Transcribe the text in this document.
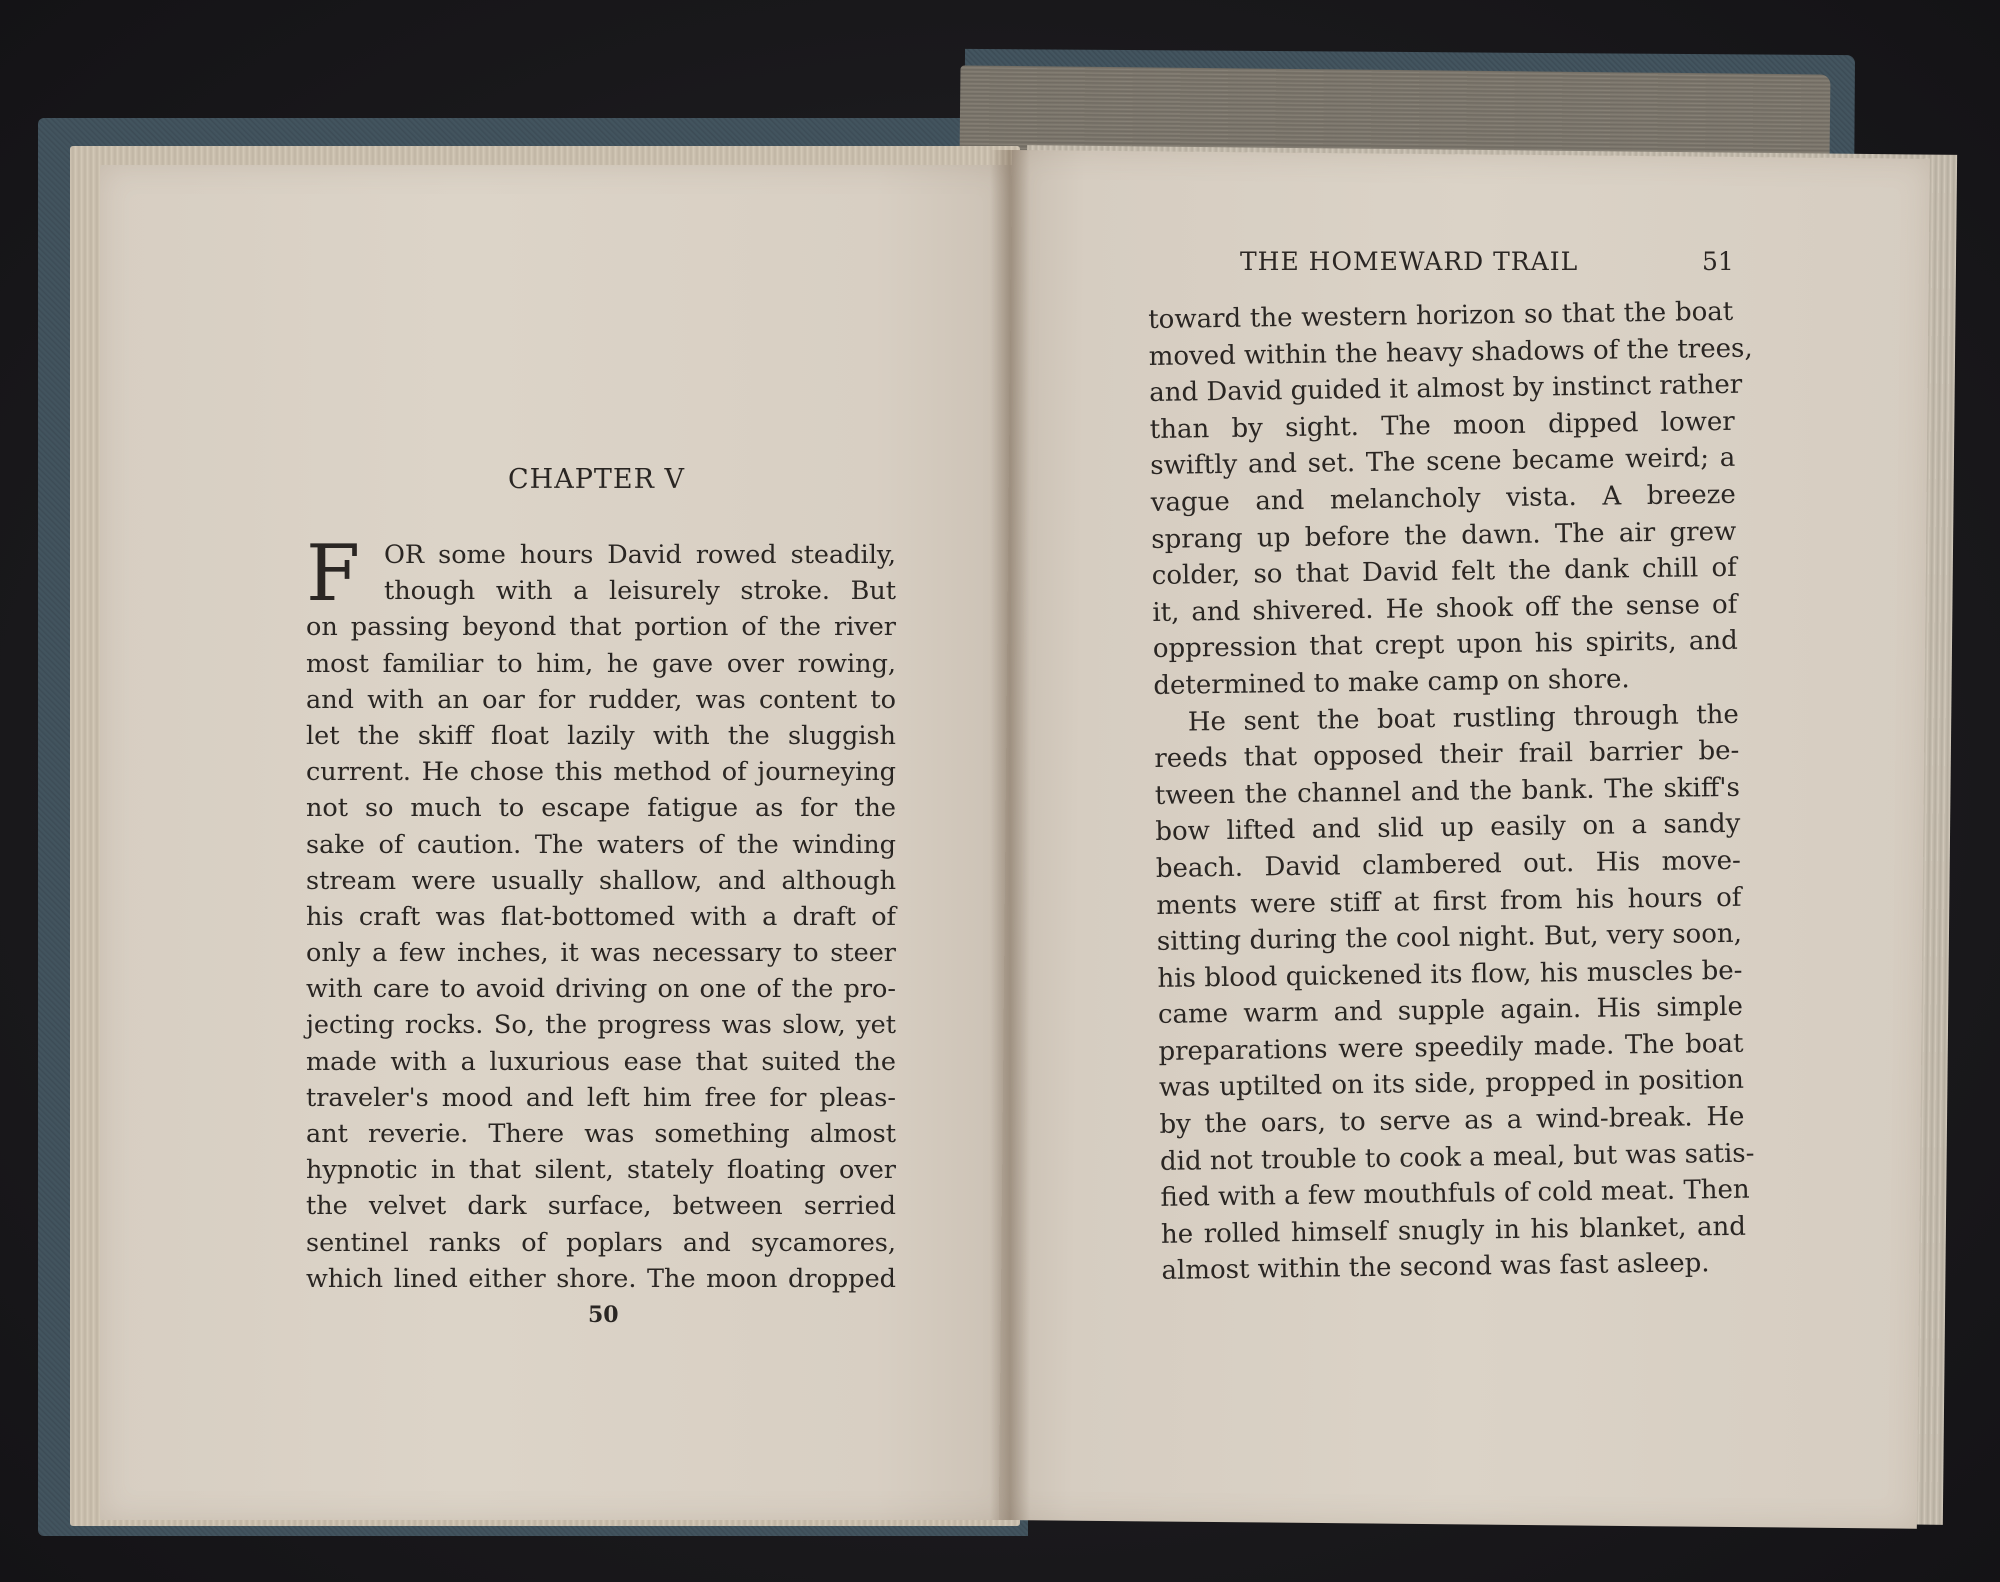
CHAPTER V
F OR some hours David rowed steadily,
though with a leisurely stroke. But
on passing beyond that portion of the river
most familiar to him, he gave over rowing,
and with an oar for rudder, was content to
let the skiff float lazily with the sluggish
current. He chose this method of journeying
not so much to escape fatigue as for the
sake of caution. The waters of the winding
stream were usually shallow, and although
his craft was flat-bottomed with a draft of
only a few inches, it was necessary to steer
with care to avoid driving on one of the pro-
jecting rocks. So, the progress was slow, yet
made with a luxurious ease that suited the
traveler's mood and left him free for pleas-
ant reverie. There was something almost
hypnotic in that silent, stately floating over
the velvet dark surface, between serried
sentinel ranks of poplars and sycamores,
which lined either shore. The moon dropped
50
THE HOMEWARD TRAIL	51
toward the western horizon so that the boat
moved within the heavy shadows of the trees,
and David guided it almost by instinct rather
than by sight. The moon dipped lower
swiftly and set. The scene became weird; a
vague and melancholy vista. A breeze
sprang up before the dawn. The air grew
colder, so that David felt the dank chill of
it, and shivered. He shook off the sense of
oppression that crept upon his spirits, and
determined to make camp on shore.
He sent the boat rustling through the
reeds that opposed their frail barrier be-
tween the channel and the bank. The skiff's
bow lifted and slid up easily on a sandy
beach. David clambered out. His move-
ments were stiff at first from his hours of
sitting during the cool night. But, very soon,
his blood quickened its flow, his muscles be-
came warm and supple again. His simple
preparations were speedily made. The boat
was uptilted on its side, propped in position
by the oars, to serve as a wind-break. He
did not trouble to cook a meal, but was satis-
fied with a few mouthfuls of cold meat. Then
he rolled himself snugly in his blanket, and
almost within the second was fast asleep.
